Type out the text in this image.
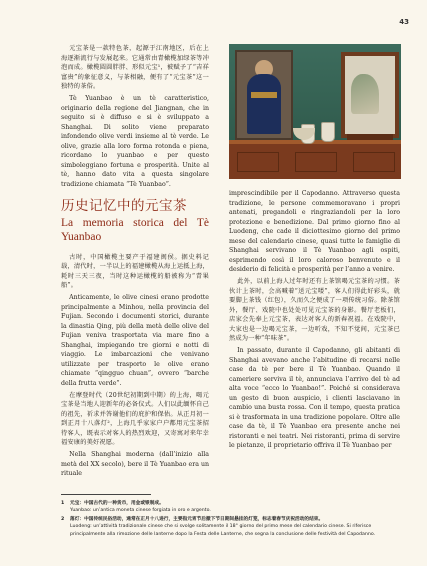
43

元宝茶是一款特色茶，起源于江南地区，后在上海逐渐流行与发展起来。它通常由青橄榄加绿茶等冲泡而成。橄榄圆圆胖胖、形似元宝¹，被赋予了“吉祥富贵”的象征意义，与茶相融，便有了“元宝茶”这一独特的茶俗。

Tè Yuanbao è un tè caratteristico, originario della regione del Jiangnan, che in seguito si è diffuso e si è sviluppato a Shanghai. Di solito viene preparato infondendo olive verdi insieme al tè verde. Le olive, grazie alla loro forma rotonda e piena, ricordano lo yuanbao e per questo simboleggiano fortuna e prosperità. Unite al tè, hanno dato vita a questa singolare tradizione chiamata “Tè Yuanbao”.

历史记忆中的元宝茶

La memoria storica del Tè Yuanbao

古时，中国橄榄主要产于福建闽侯。据史料记载，清代时，一半以上的福建橄榄从海上运抵上海，耗时三天三夜，当时这种运橄榄的船被称为“青果船”。

Anticamente, le olive cinesi erano prodotte principalmente a Minhou, nella provincia del Fujian. Secondo i documenti storici, durante la dinastia Qing, più della metà delle olive del Fujian veniva trasportata via mare fino a Shanghai, impiegando tre giorni e notti di viaggio. Le imbarcazioni che venivano utilizzate per trasporto le olive erano chiamate “qingguo chuan”, ovvero “barche della frutta verde”.

在摩登时代（20世纪初期到中期）的上海，喝元宝茶是当地人迎新年的必备仪式。人们以此缅怀自己的祖先，祈求并答谢他们的庇护和保佑。从正月初一到正月十八落灯²，上海几乎家家户户都用元宝茶招待客人，既表示对客人的热烈欢迎，又寄寓对来年幸福安康的美好祝愿。

Nella Shanghai moderna (dall’inizio alla metà del XX secolo), bere il Tè Yuanbao era un rituale

imprescindibile per il Capodanno. Attraverso questa tradizione, le persone commemoravano i propri antenati, pregandoli e ringraziandoli per la loro protezione e benedizione. Dal primo giorno fino al Luodeng, che cade il diciottesimo giorno del primo mese del calendario cinese, quasi tutte le famiglie di Shanghai servivano il Tè Yuanbao agli ospiti, esprimendo così il loro caloroso benvenuto e il desiderio di felicità e prosperità per l’anno a venire.

此外，以前上海人过年时还有上茶馆喝元宝茶的习惯。茶伙计上茶时，会高喊着“送元宝喽”，客人们得此好彩头，就要脚上茶钱（红包），久而久之便成了一项传统习俗。除茶馆外，餐厅、戏院中也处处可见元宝茶的身影。餐厅老板们，店家会先奉上元宝茶，表达对客人的新春祝福。在戏院中，大家也是一边喝元宝茶，一边听戏，不知不觉间，元宝茶已然成为一种“年味茶”。

In passato, durante il Capodanno, gli abitanti di Shanghai avevano anche l’abitudine di recarsi nelle case da tè per bere il Tè Yuanbao. Quando il cameriere serviva il tè, annunciava l’arrivo del tè ad alta voce “ecco lo Yuanbao!”. Poiché si considerava un gesto di buon auspicio, i clienti lasciavano in cambio una busta rossa. Con il tempo, questa pratica si è trasformata in una tradizione popolare. Oltre alle case da tè, il Tè Yuanbao era presente anche nei ristoranti e nei teatri. Nei ristoranti, prima di servire le pietanze, il proprietario offriva il Tè Yuanbao per

1 元宝：中国古代的一种货币，用金或银制成。
Yuanbao: un’antica moneta cinese forgiata in oro e argento.
2 落灯：中国传统民俗活动，通常在正月十八进行，主要指元宵节后撤下节日期间悬挂的灯笼，标志着春节庆祝活动的结束。
Luodeng: un’attività tradizionale cinese che si svolge solitamente il 18° giorno del primo mese del calendario cinese. Si riferisce principalmente alla rimozione delle lanterne dopo la Festa delle Lanterne, che segna la conclusione delle festività del Capodanno.
